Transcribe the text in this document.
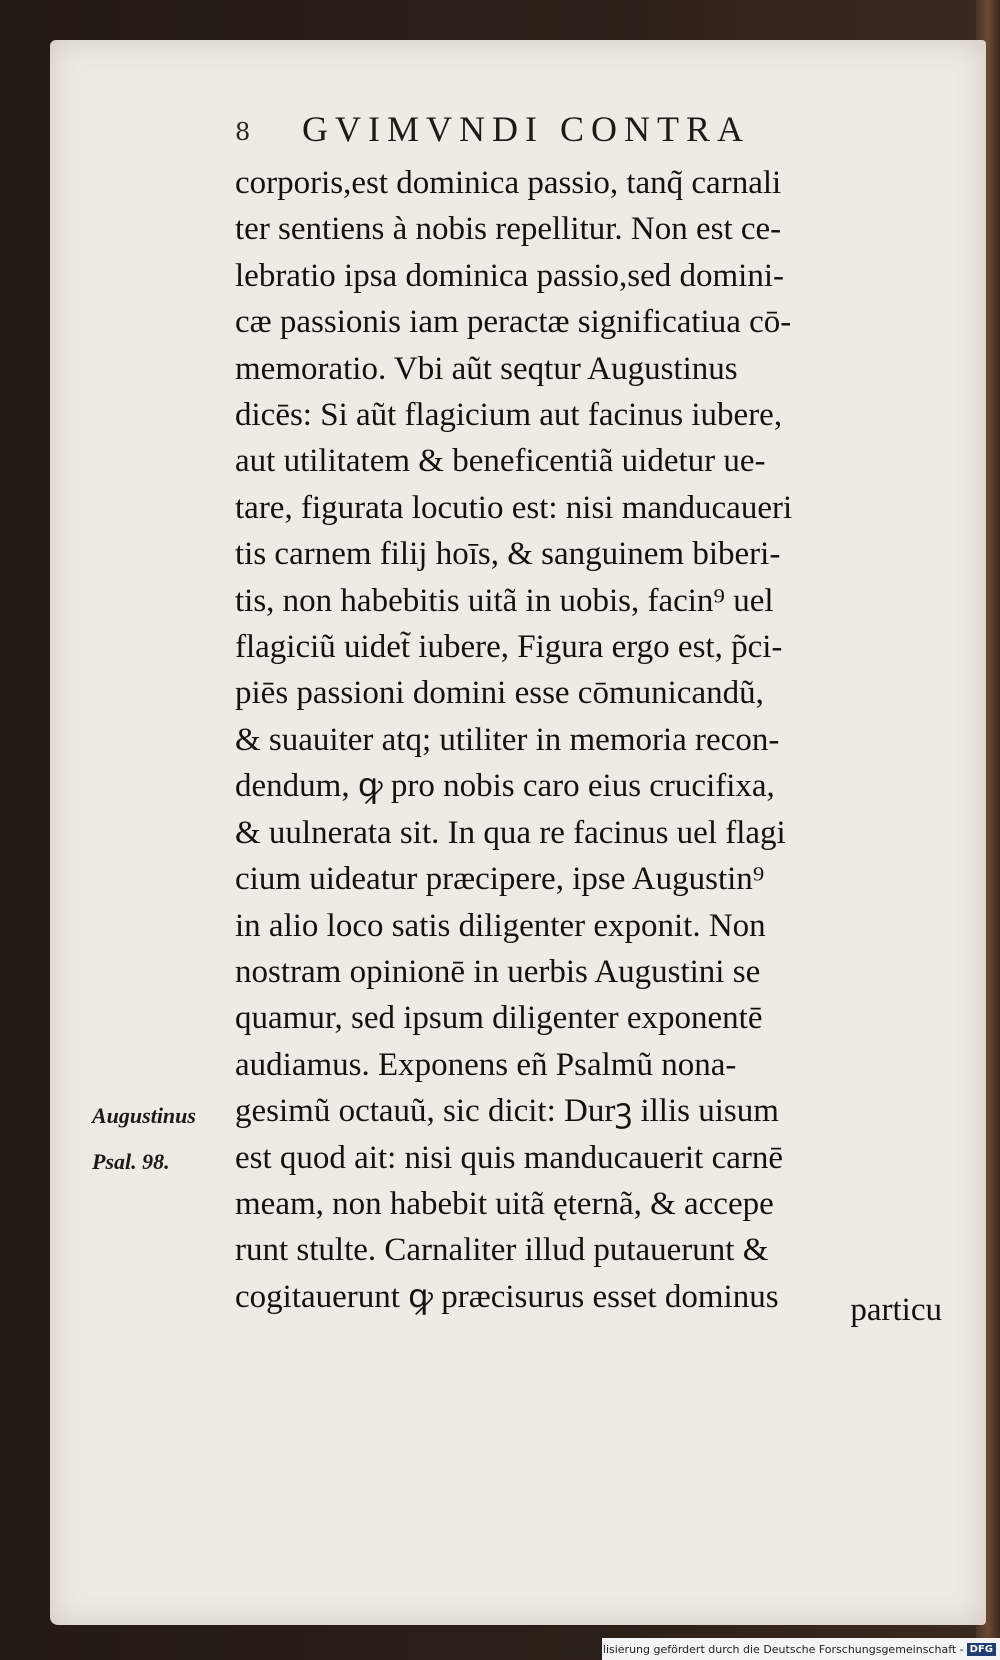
8 GVIMVNDI CONTRA
corporis,est dominica passio, tanq̃ carnali
ter sentiens à nobis repellitur. Non est ce-
lebratio ipsa dominica passio,sed domini-
cæ passionis iam peractæ significatiua cō-
memoratio. Vbi aũt seqtur Augustinus
dicēs: Si aũt flagicium aut facinus iubere,
aut utilitatem & beneficentiã uidetur ue-
tare, figurata locutio est: nisi manducaueri
tis carnem filij hoīs, & sanguinem biberi-
tis, non habebitis uitã in uobis, facin⁹ uel
flagiciũ uidet̃ iubere, Figura ergo est, p̃ci-
piēs passioni domini esse cōmunicandũ,
& suauiter atq; utiliter in memoria recon-
dendum, ꝙ pro nobis caro eius crucifixa,
& uulnerata sit. In qua re facinus uel flagi
cium uideatur præcipere, ipse Augustin⁹
in alio loco satis diligenter exponit. Non
nostram opinionē in uerbis Augustini se
quamur, sed ipsum diligenter exponentē
audiamus. Exponens eñ Psalmũ nona-
gesimũ octauũ, sic dicit: Durꝫ illis uisum
est quod ait: nisi quis manducauerit carnē
meam, non habebit uitã ęternã, & accepe
runt stulte. Carnaliter illud putauerunt &
cogitauerunt ꝙ præcisurus esset dominus	particu
Augustinus
Psal. 98.
Digitalisierung gefördert durch die Deutsche Forschungsgemeinschaft - DFG
